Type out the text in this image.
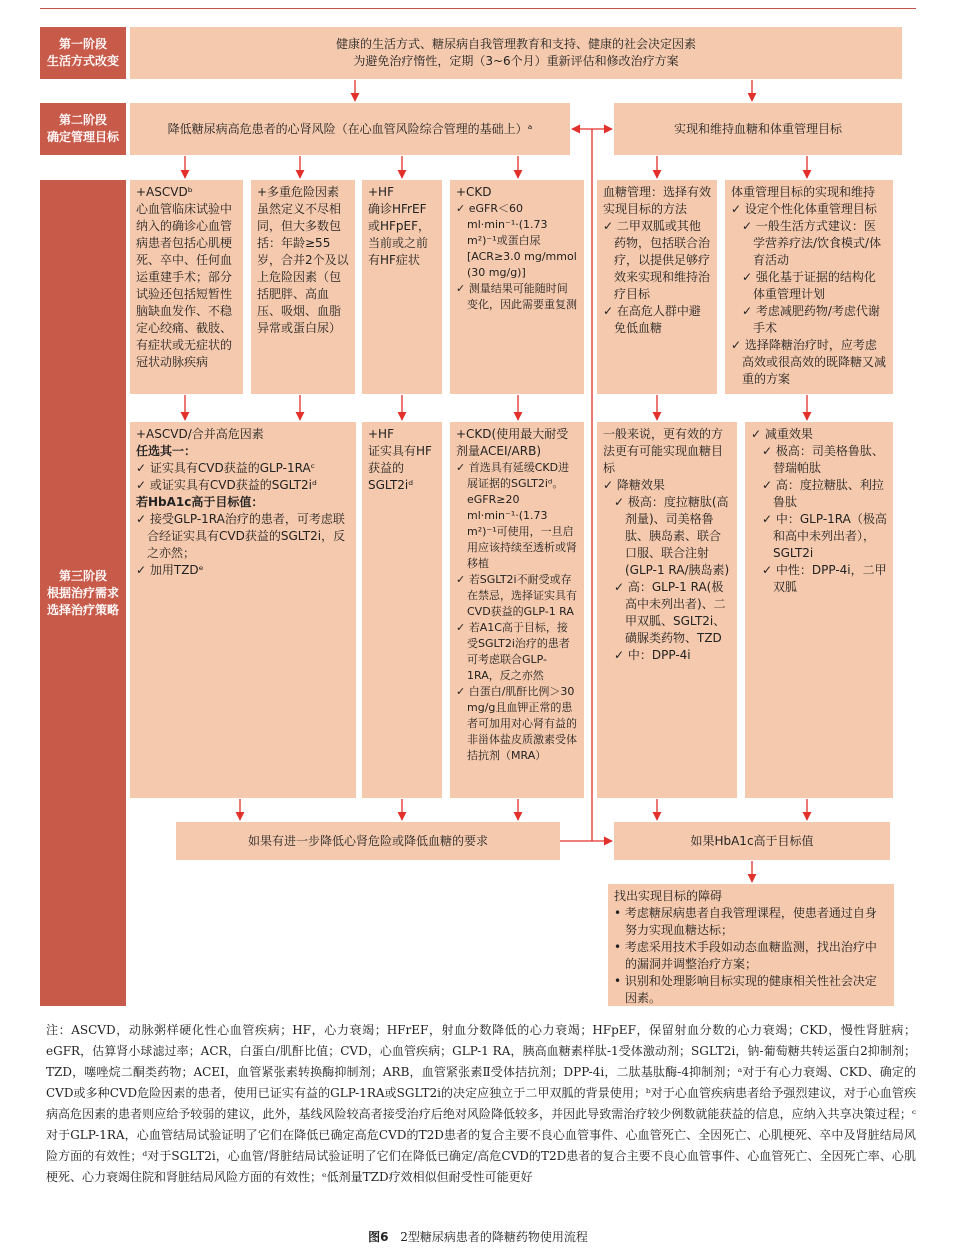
第一阶段
生活方式改变
第二阶段
确定管理目标
第三阶段
根据治疗需求
选择治疗策略
健康的生活方式、糖尿病自我管理教育和支持、健康的社会决定因素
为避免治疗惰性，定期（3~6个月）重新评估和修改治疗方案
降低糖尿病高危患者的心肾风险（在心血管风险综合管理的基础上）ᵃ	实现和维持血糖和体重管理目标
+ASCVDᵇ
心血管临床试验中纳入的确诊心血管病患者包括心肌梗死、卒中、任何血运重建手术；部分试验还包括短暂性脑缺血发作、不稳定心绞痛、截肢、有症状或无症状的冠状动脉疾病
+多重危险因素
虽然定义不尽相同，但大多数包括：年龄≥55岁，合并2个及以上危险因素（包括肥胖、高血压、吸烟、血脂异常或蛋白尿）
+HF
确诊HFrEF或HFpEF，当前或之前有HF症状
+CKD
✓ eGFR＜60 ml·min⁻¹·(1.73 m²)⁻¹或蛋白尿[ACR≥3.0 mg/mmol (30 mg/g)]
✓ 测量结果可能随时间变化，因此需要重复测
血糖管理：选择有效实现目标的方法
✓ 二甲双胍或其他药物，包括联合治疗，以提供足够疗效来实现和维持治疗目标
✓ 在高危人群中避免低血糖
体重管理目标的实现和维持
✓ 设定个性化体重管理目标
✓ 一般生活方式建议：医学营养疗法/饮食模式/体育活动
✓ 强化基于证据的结构化体重管理计划
✓ 考虑减肥药物/考虑代谢手术
✓ 选择降糖治疗时，应考虑高效或很高效的既降糖又减重的方案
+ASCVD/合并高危因素
任选其一：
✓ 证实具有CVD获益的GLP-1RAᶜ
✓ 或证实具有CVD获益的SGLT2iᵈ
若HbA1c高于目标值：
✓ 接受GLP-1RA治疗的患者，可考虑联合经证实具有CVD获益的SGLT2i，反之亦然；
✓ 加用TZDᵉ
+HF
证实具有HF获益的SGLT2iᵈ
+CKD(使用最大耐受剂量ACEI/ARB)
✓ 首选具有延缓CKD进展证据的SGLT2iᵈ。eGFR≥20 ml·min⁻¹·(1.73 m²)⁻¹可使用，一旦启用应该持续至透析或肾移植
✓ 若SGLT2i不耐受或存在禁忌，选择证实具有CVD获益的GLP-1 RA
✓ 若A1C高于目标，接受SGLT2i治疗的患者可考虑联合GLP-1RA，反之亦然
✓ 白蛋白/肌酐比例＞30 mg/g且血钾正常的患者可加用对心肾有益的非甾体盐皮质激素受体拮抗剂（MRA）
一般来说，更有效的方法更有可能实现血糖目标
✓ 降糖效果
✓ 极高：度拉糖肽(高剂量)、司美格鲁肽、胰岛素、联合口服、联合注射(GLP-1 RA/胰岛素)
✓ 高：GLP-1 RA(极高中未列出者)、二甲双胍、SGLT2i、磺脲类药物、TZD
✓ 中：DPP-4i
✓ 减重效果
✓ 极高：司美格鲁肽、替瑞帕肽
✓ 高：度拉糖肽、利拉鲁肽
✓ 中：GLP-1RA（极高和高中未列出者），SGLT2i
✓ 中性：DPP-4i，二甲双胍
如果有进一步降低心肾危险或降低血糖的要求	如果HbA1c高于目标值
找出实现目标的障碍
• 考虑糖尿病患者自我管理课程，使患者通过自身努力实现血糖达标；
• 考虑采用技术手段如动态血糖监测，找出治疗中的漏洞并调整治疗方案；
• 识别和处理影响目标实现的健康相关性社会决定因素。
注：ASCVD，动脉粥样硬化性心血管疾病；HF，心力衰竭；HFrEF，射血分数降低的心力衰竭；HFpEF，保留射血分数的心力衰竭；CKD，慢性肾脏病；eGFR，估算肾小球滤过率；ACR，白蛋白/肌酐比值；CVD，心血管疾病；GLP-1 RA，胰高血糖素样肽-1受体激动剂；SGLT2i，钠-葡萄糖共转运蛋白2抑制剂；TZD，噻唑烷二酮类药物；ACEI，血管紧张素转换酶抑制剂；ARB，血管紧张素Ⅱ受体拮抗剂；DPP-4i，二肽基肽酶-4抑制剂；ᵃ对于有心力衰竭、CKD、确定的CVD或多种CVD危险因素的患者，使用已证实有益的GLP-1RA或SGLT2i的决定应独立于二甲双胍的背景使用；ᵇ对于心血管疾病患者给予强烈建议，对于心血管疾病高危因素的患者则应给予较弱的建议，此外，基线风险较高者接受治疗后绝对风险降低较多，并因此导致需治疗较少例数就能获益的信息，应纳入共享决策过程；ᶜ对于GLP-1RA，心血管结局试验证明了它们在降低已确定高危CVD的T2D患者的复合主要不良心血管事件、心血管死亡、全因死亡、心肌梗死、卒中及肾脏结局风险方面的有效性；ᵈ对于SGLT2i，心血管/肾脏结局试验证明了它们在降低已确定/高危CVD的T2D患者的复合主要不良心血管事件、心血管死亡、全因死亡率、心肌梗死、心力衰竭住院和肾脏结局风险方面的有效性；ᵉ低剂量TZD疗效相似但耐受性可能更好
图6 2型糖尿病患者的降糖药物使用流程
